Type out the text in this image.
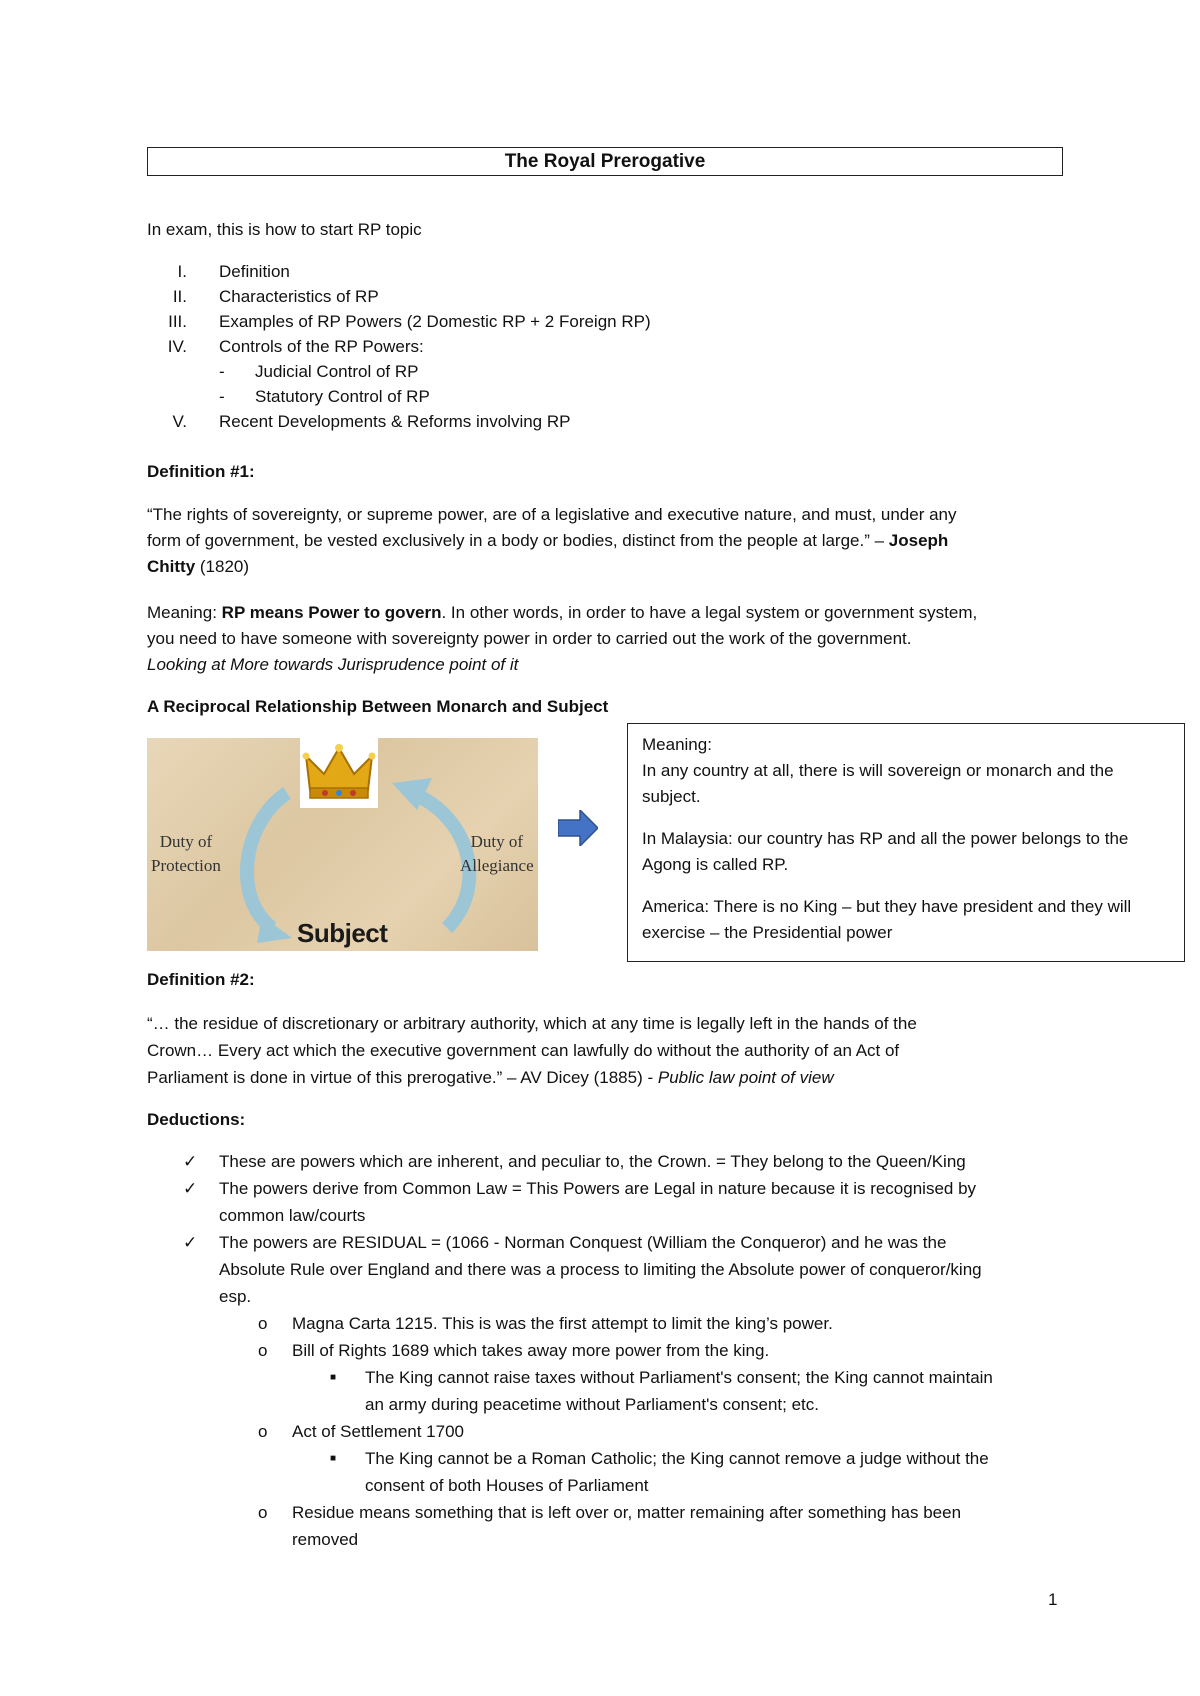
The Royal Prerogative
In exam, this is how to start RP topic
I. Definition
II. Characteristics of RP
III. Examples of RP Powers (2 Domestic RP + 2 Foreign RP)
IV. Controls of the RP Powers:
- Judicial Control of RP
- Statutory Control of RP
V. Recent Developments & Reforms involving RP
Definition #1:
“The rights of sovereignty, or supreme power, are of a legislative and executive nature, and must, under any
form of government, be vested exclusively in a body or bodies, distinct from the people at large.” – Joseph
Chitty (1820)
Meaning: RP means Power to govern. In other words, in order to have a legal system or government system,
you need to have someone with sovereignty power in order to carried out the work of the government.
Looking at More towards Jurisprudence point of it
A Reciprocal Relationship Between Monarch and Subject
Duty of
Protection
Duty of
Allegiance
Subject

Meaning:

In any country at all, there is will sovereign or monarch and the subject.

In Malaysia: our country has RP and all the power belongs to the Agong is called RP.

America: There is no King – but they have president and they will exercise – the Presidential power

Definition #2:
“… the residue of discretionary or arbitrary authority, which at any time is legally left in the hands of the
Crown… Every act which the executive government can lawfully do without the authority of an Act of
Parliament is done in virtue of this prerogative.” – AV Dicey (1885) - Public law point of view
Deductions:
✓ These are powers which are inherent, and peculiar to, the Crown. = They belong to the Queen/King
✓ The powers derive from Common Law = This Powers are Legal in nature because it is recognised by
common law/courts
✓ The powers are RESIDUAL = (1066 - Norman Conquest (William the Conqueror) and he was the
Absolute Rule over England and there was a process to limiting the Absolute power of conqueror/king
esp.
o Magna Carta 1215. This is was the first attempt to limit the king’s power.
o Bill of Rights 1689 which takes away more power from the king.
■ The King cannot raise taxes without Parliament's consent; the King cannot maintain
an army during peacetime without Parliament's consent; etc.
o Act of Settlement 1700
■ The King cannot be a Roman Catholic; the King cannot remove a judge without the
consent of both Houses of Parliament
o Residue means something that is left over or, matter remaining after something has been
removed
1
